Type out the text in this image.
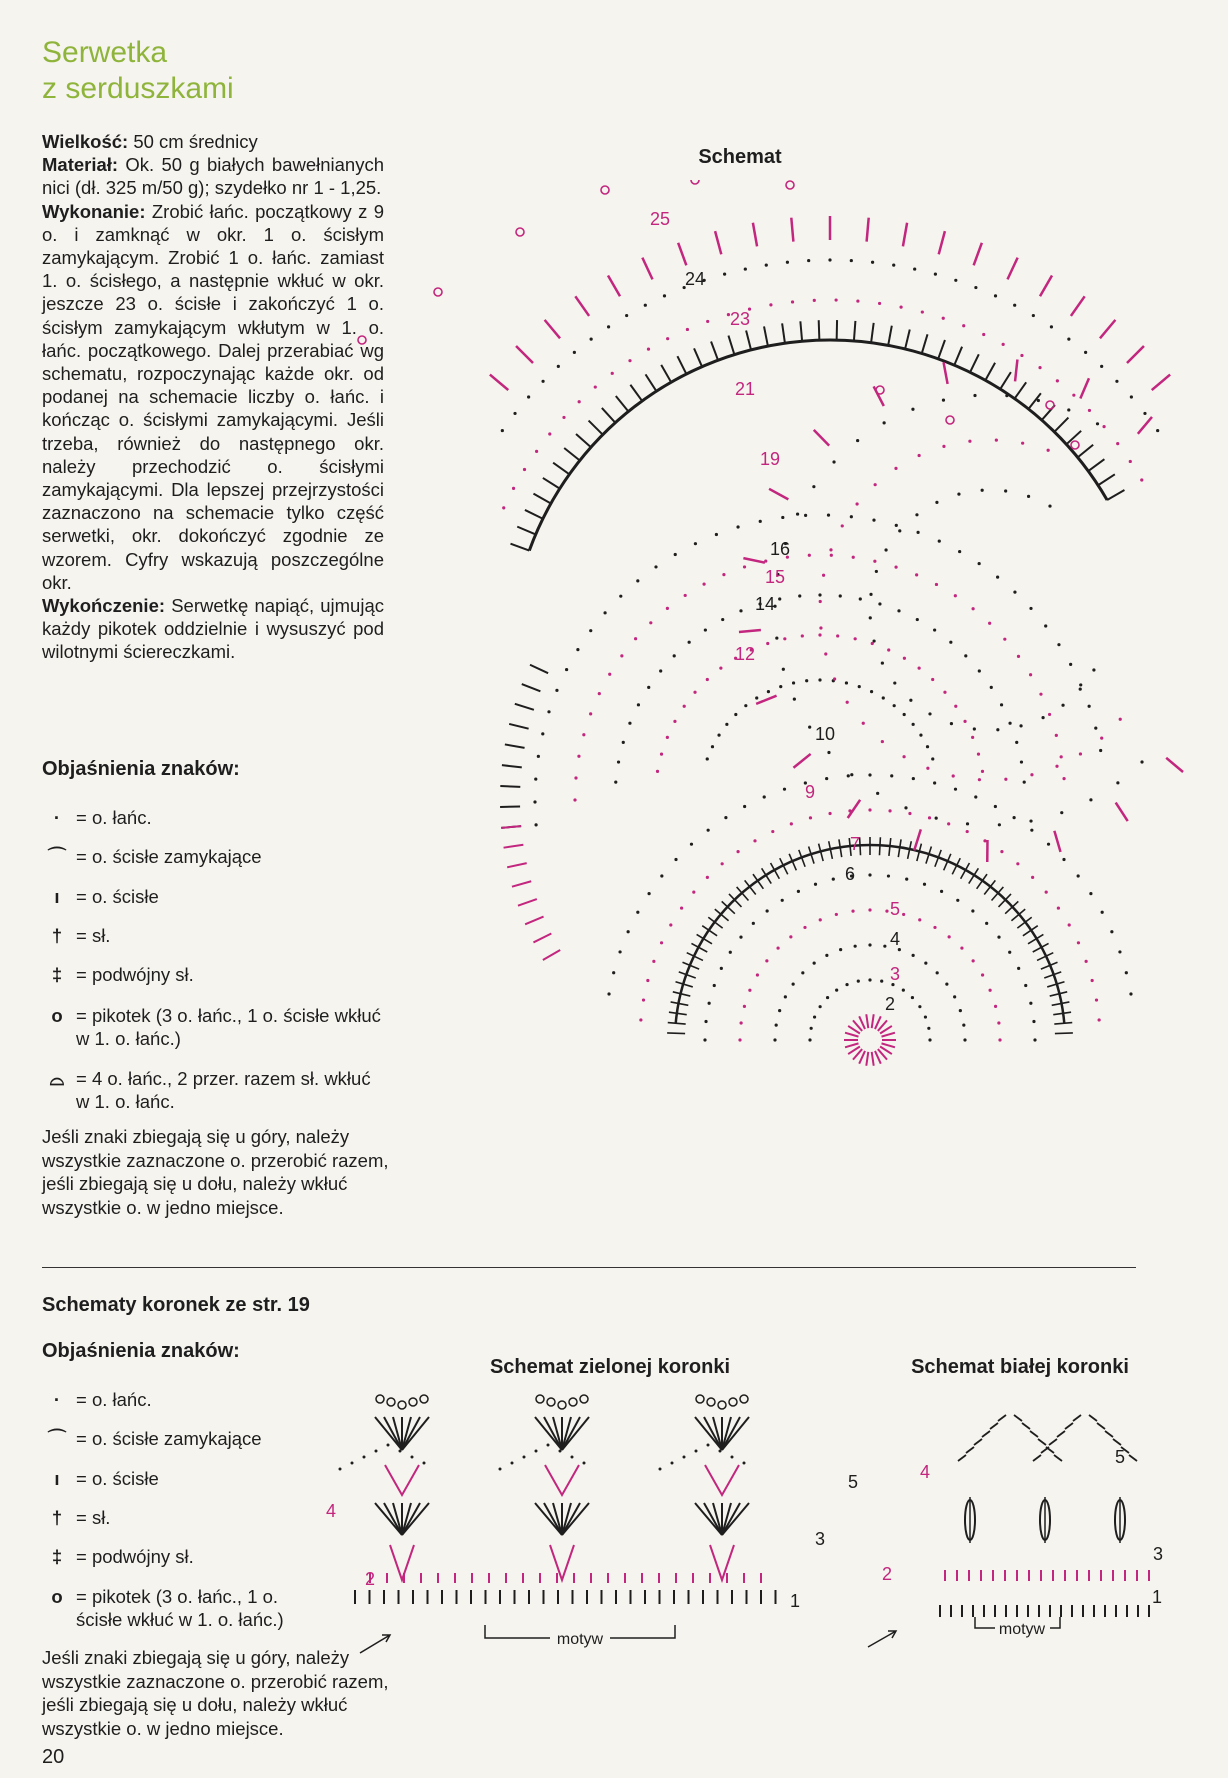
Serwetka
z serduszkami

Wielkość: 50 cm średnicy

Materiał: Ok. 50 g białych bawełnianych nici (dł. 325 m/50 g); szydełko nr 1 - 1,25.

Wykonanie: Zrobić łańc. początkowy z 9 o. i zamknąć w okr. 1 o. ścisłym zamykającym. Zrobić 1 o. łańc. zamiast 1. o. ścisłego, a następnie wkłuć w okr. jeszcze 23 o. ścisłe i zakończyć 1 o. ścisłym zamykającym wkłutym w 1. o. łańc. początkowego. Dalej przerabiać wg schematu, rozpoczynając każde okr. od podanej na schemacie liczby o. łańc. i kończąc o. ścisłymi zamykającymi. Jeśli trzeba, również do następnego okr. należy przechodzić o. ścisłymi zamykającymi. Dla lepszej przejrzystości zaznaczono na schemacie tylko część serwetki, okr. dokończyć zgodnie ze wzorem. Cyfry wskazują poszczególne okr.

Wykończenie: Serwetkę napiąć, ujmując każdy pikotek oddzielnie i wysuszyć pod wilotnymi ściereczkami.

Objaśnienia znaków:
· = o. łańc.
⌒ = o. ścisłe zamykające
ı = o. ścisłe
† = sł.
‡ = podwójny sł.
o = pikotek (3 o. łańc., 1 o. ścisłe wkłuć w 1. o. łańc.)
⌓ = 4 o. łańc., 2 przer. razem sł. wkłuć w 1. o. łańc.
Jeśli znaki zbiegają się u góry, należy wszystkie zaznaczone o. przerobić razem, jeśli zbiegają się u dołu, należy wkłuć wszystkie o. w jedno miejsce.
Schemat
25
24
23
21
19
16
15
14
12
10
9
7
6
5
4
3
2
Schematy koronek ze str. 19
Objaśnienia znaków:
· = o. łańc.
⌒ = o. ścisłe zamykające
ı = o. ścisłe
† = sł.
‡ = podwójny sł.
o = pikotek (3 o. łańc., 1 o. ścisłe wkłuć w 1. o. łańc.)
Jeśli znaki zbiegają się u góry, należy wszystkie zaznaczone o. przerobić razem, jeśli zbiegają się u dołu, należy wkłuć wszystkie o. w jedno miejsce.
Schemat zielonej koronki	Schemat białej koronki
5
4
3
2
1
motyw
5
4
3
2
1
motyw
20
